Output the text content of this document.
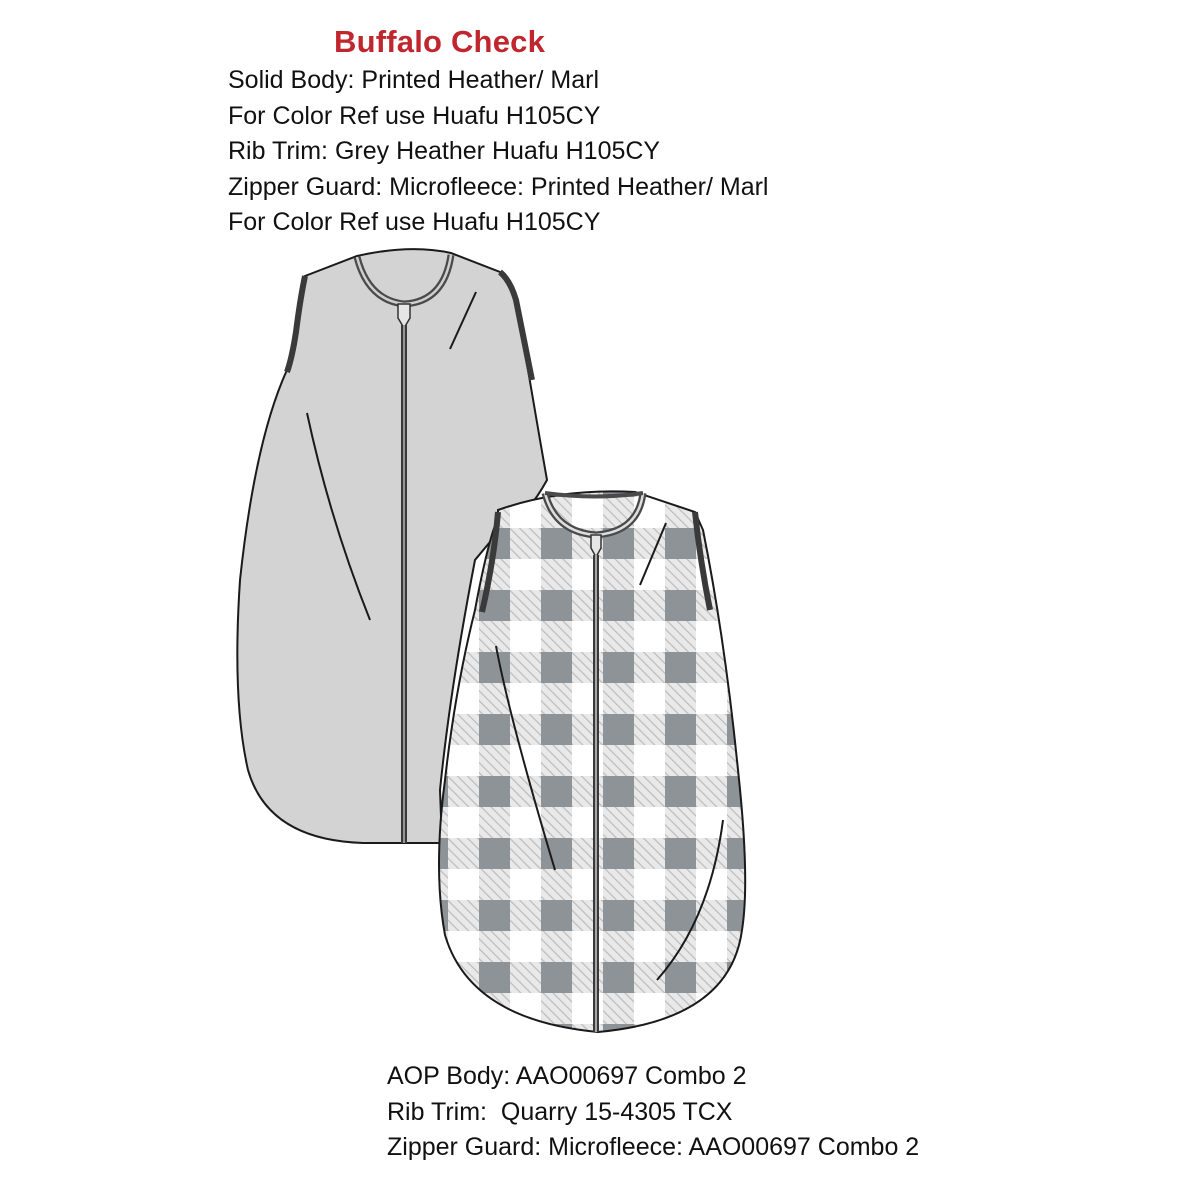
Buffalo Check
Solid Body: Printed Heather/ Marl
For Color Ref use Huafu H105CY
Rib Trim: Grey Heather Huafu H105CY
Zipper Guard: Microfleece: Printed Heather/ Marl
For Color Ref use Huafu H105CY
AOP Body: AAO00697 Combo 2
Rib Trim:  Quarry 15-4305 TCX
Zipper Guard: Microfleece: AAO00697 Combo 2
